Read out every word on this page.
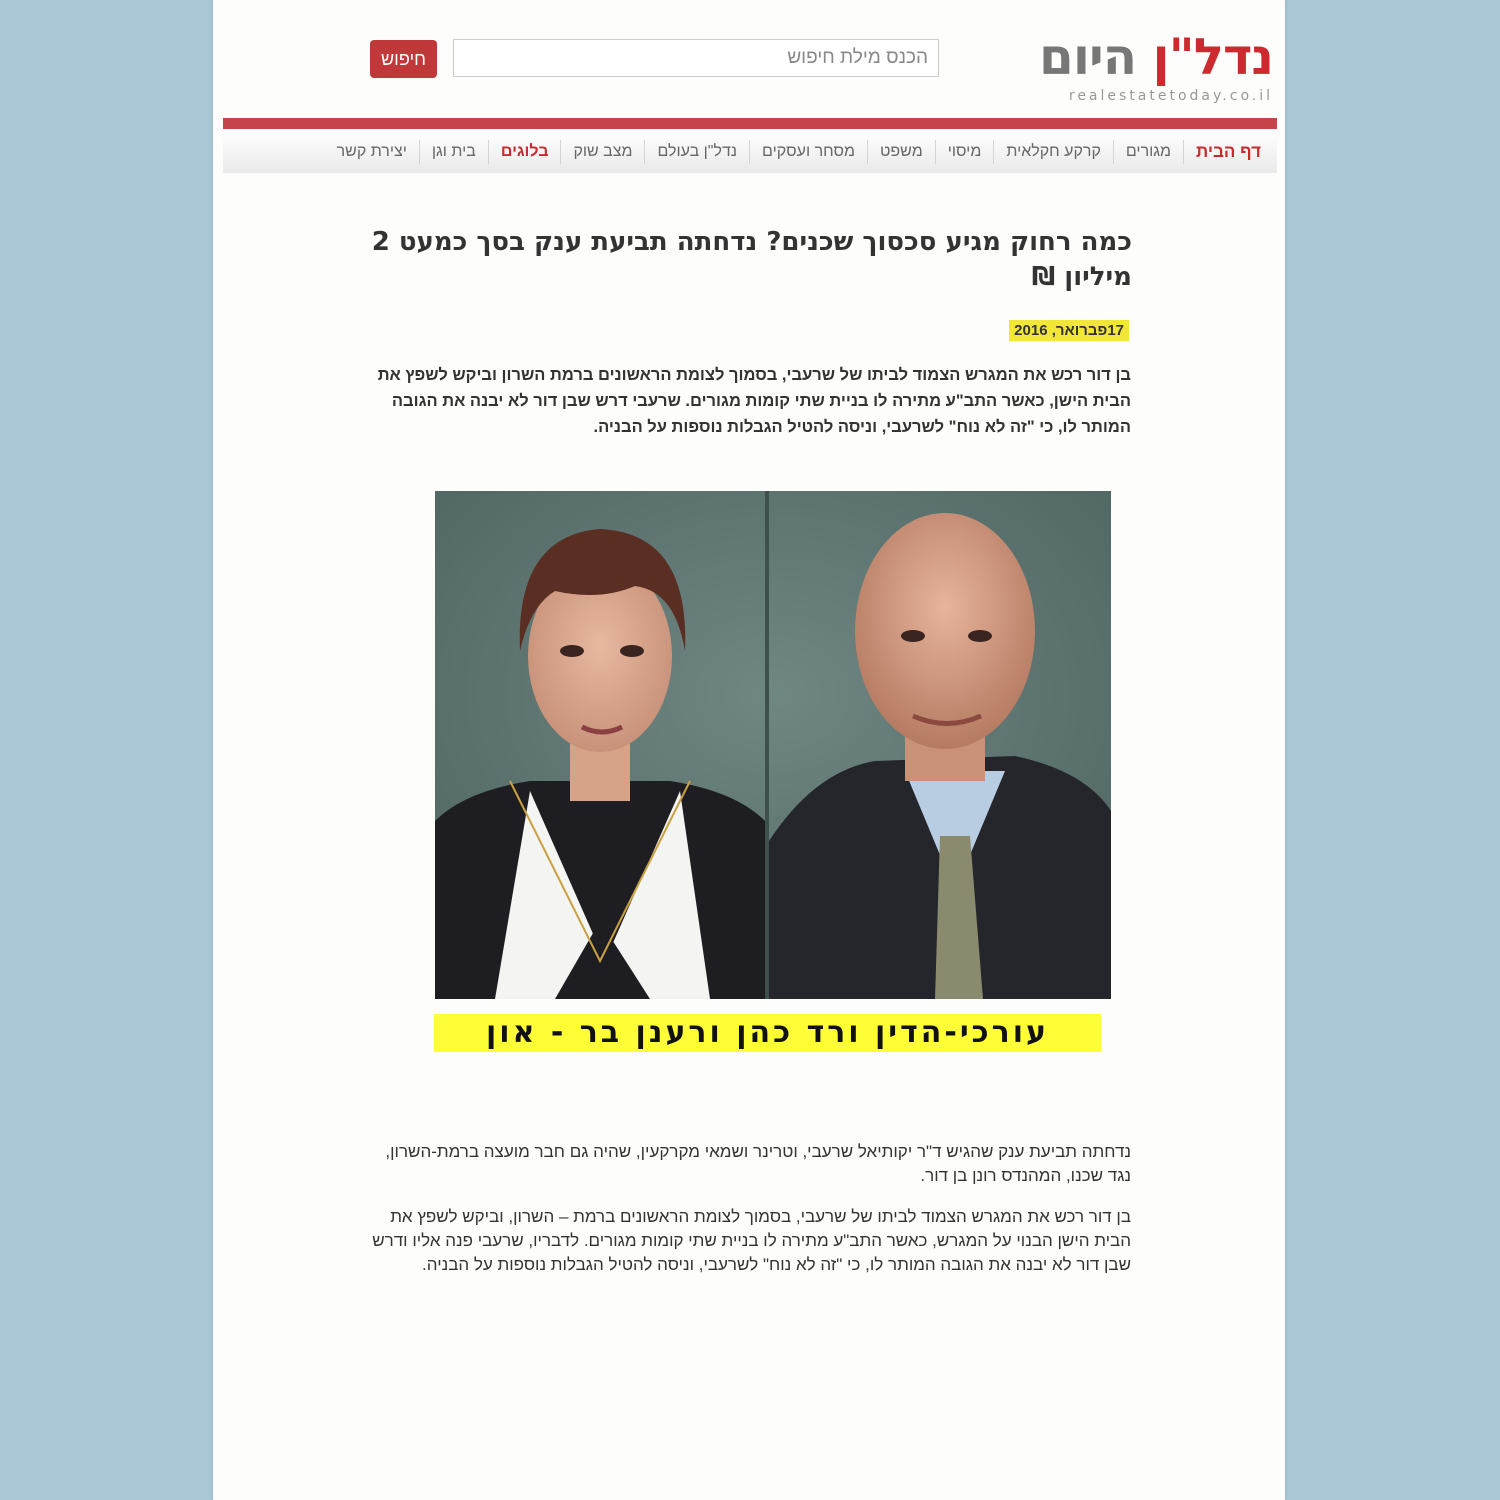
נדל"ן היום
realestatetoday.co.il
הכנס מילת חיפוש
חיפוש
דף הבית
מגורים
קרקע חקלאית
מיסוי
משפט
מסחר ועסקים
נדל"ן בעולם
מצב שוק
בלוגים
בית וגן
יצירת קשר
כמה רחוק מגיע סכסוך שכנים? נדחתה תביעת ענק בסך כמעט 2 מיליון ₪
17פברואר, 2016

בן דור רכש את המגרש הצמוד לביתו של שרעבי, בסמוך לצומת הראשונים ברמת השרון וביקש לשפץ את הבית הישן, כאשר התב"ע מתירה לו בניית שתי קומות מגורים. שרעבי דרש שבן דור לא יבנה את הגובה המותר לו, כי "זה לא נוח" לשרעבי, וניסה להטיל הגבלות נוספות על הבניה.

עורכי-הדין ורד כהן ורענן בר - און

נדחתה תביעת ענק שהגיש ד"ר יקותיאל שרעבי, וטרינר ושמאי מקרקעין, שהיה גם חבר מועצה ברמת-השרון, נגד שכנו, המהנדס רונן בן דור.

בן דור רכש את המגרש הצמוד לביתו של שרעבי, בסמוך לצומת הראשונים ברמת – השרון, וביקש לשפץ את הבית הישן הבנוי על המגרש, כאשר התב"ע מתירה לו בניית שתי קומות מגורים. לדבריו, שרעבי פנה אליו ודרש שבן דור לא יבנה את הגובה המותר לו, כי "זה לא נוח" לשרעבי, וניסה להטיל הגבלות נוספות על הבניה.
